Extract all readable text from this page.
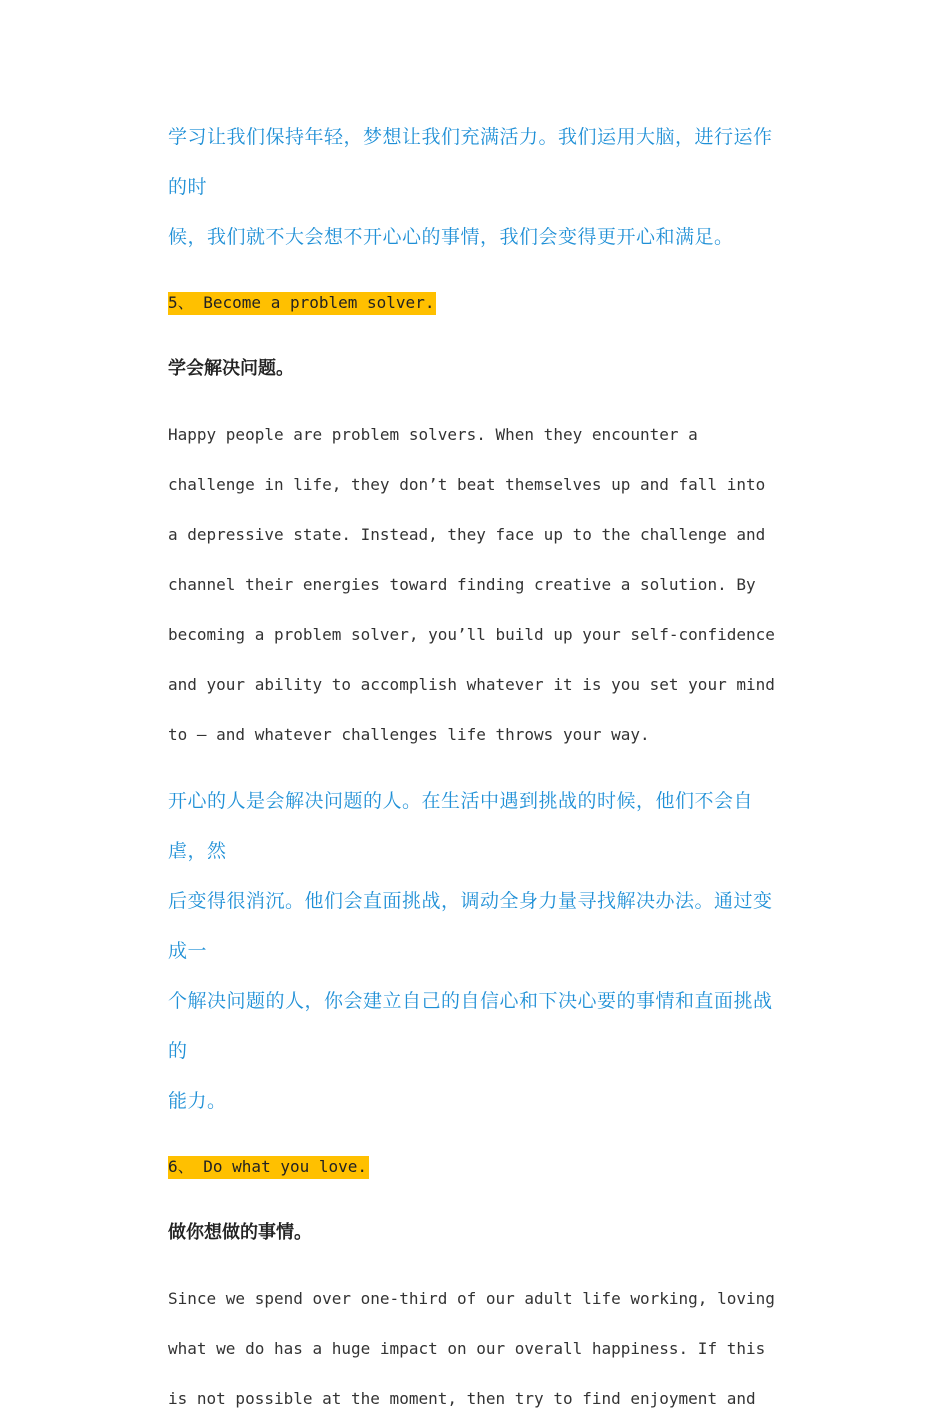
学习让我们保持年轻，梦想让我们充满活力。我们运用大脑，进行运作的时
候，我们就不大会想不开心心的事情，我们会变得更开心和满足。

5、 Become a problem solver.

学会解决问题。

Happy people are problem solvers. When they encounter a
challenge in life, they don’t beat themselves up and fall into
a depressive state. Instead, they face up to the challenge and
channel their energies toward finding creative a solution. By
becoming a problem solver, you’ll build up your self-confidence
and your ability to accomplish whatever it is you set your mind
to – and whatever challenges life throws your way.

开心的人是会解决问题的人。在生活中遇到挑战的时候，他们不会自虐，然
后变得很消沉。他们会直面挑战，调动全身力量寻找解决办法。通过变成一
个解决问题的人，你会建立自己的自信心和下决心要的事情和直面挑战的
能力。

6、 Do what you love.

做你想做的事情。

Since we spend over one-third of our adult life working, loving
what we do has a huge impact on our overall happiness. If this
is not possible at the moment, then try to find enjoyment and
